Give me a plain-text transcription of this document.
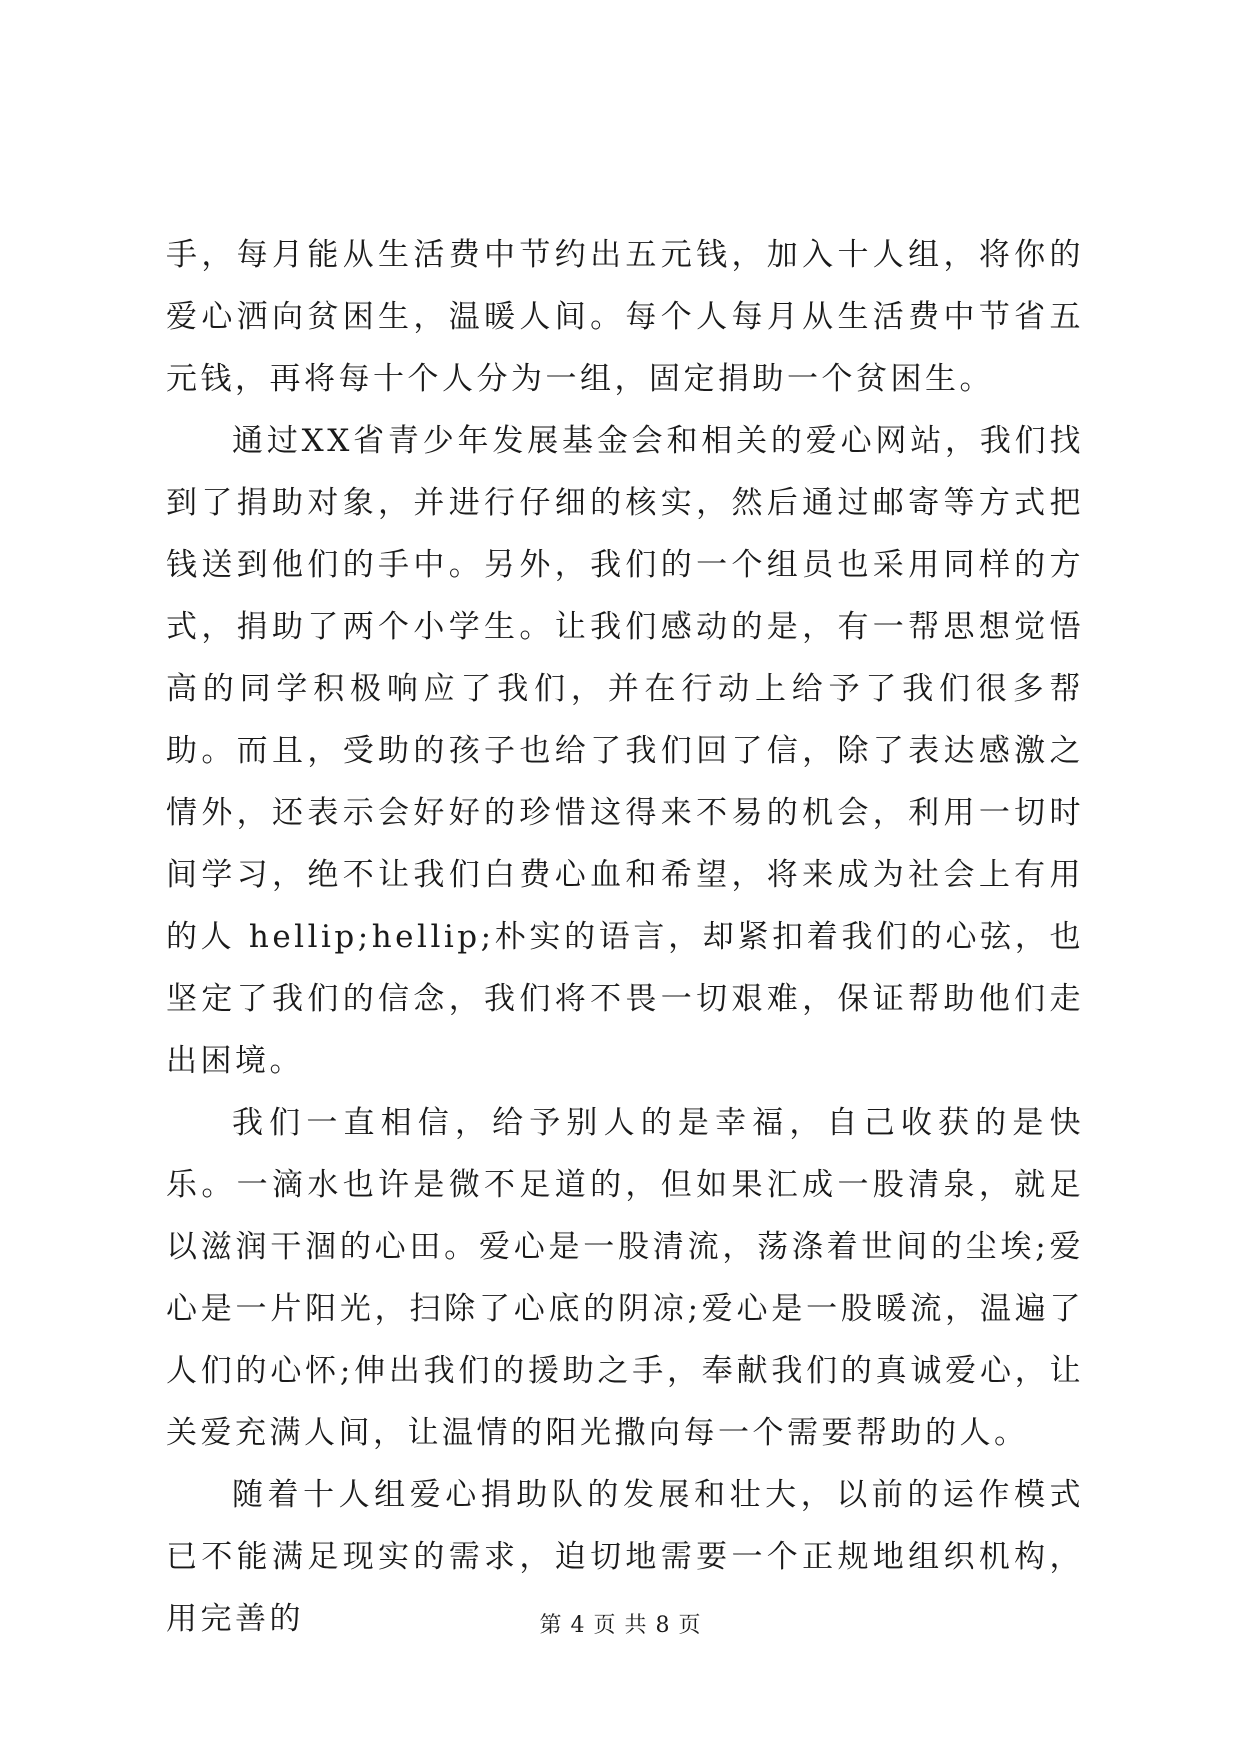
手，每月能从生活费中节约出五元钱，加入十人组，将你的爱心洒向贫困生，温暖人间。每个人每月从生活费中节省五元钱，再将每十个人分为一组，固定捐助一个贫困生。

通过XX省青少年发展基金会和相关的爱心网站，我们找到了捐助对象，并进行仔细的核实，然后通过邮寄等方式把钱送到他们的手中。另外，我们的一个组员也采用同样的方式，捐助了两个小学生。让我们感动的是，有一帮思想觉悟高的同学积极响应了我们，并在行动上给予了我们很多帮助。而且，受助的孩子也给了我们回了信，除了表达感激之情外，还表示会好好的珍惜这得来不易的机会，利用一切时间学习，绝不让我们白费心血和希望，将来成为社会上有用的人 hellip;hellip;朴实的语言，却紧扣着我们的心弦，也坚定了我们的信念，我们将不畏一切艰难，保证帮助他们走出困境。

我们一直相信，给予别人的是幸福，自己收获的是快乐。一滴水也许是微不足道的，但如果汇成一股清泉，就足以滋润干涸的心田。爱心是一股清流，荡涤着世间的尘埃;爱心是一片阳光，扫除了心底的阴凉;爱心是一股暖流，温遍了人们的心怀;伸出我们的援助之手，奉献我们的真诚爱心，让关爱充满人间，让温情的阳光撒向每一个需要帮助的人。

随着十人组爱心捐助队的发展和壮大，以前的运作模式已不能满足现实的需求，迫切地需要一个正规地组织机构，用完善的	第 4 页 共 8 页
